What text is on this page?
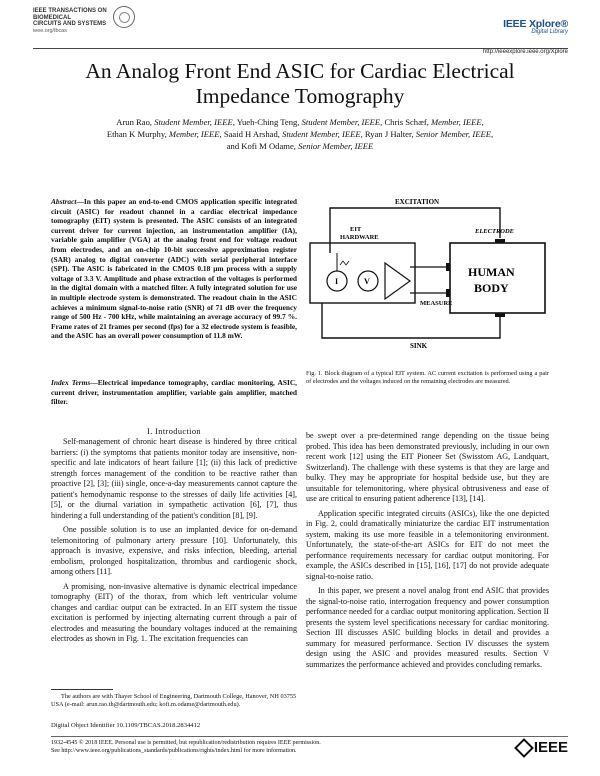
IEEE TRANSACTIONS ON
BIOMEDICAL
CIRCUITS AND SYSTEMS
ieee.org/tbcas
IEEE Xplore®
Digital Library
http://ieeexplore.ieee.org/Xplore
An Analog Front End ASIC for Cardiac Electrical
Impedance Tomography
Arun Rao, Student Member, IEEE, Yueh-Ching Teng, Student Member, IEEE, Chris Schæf, Member, IEEE,
Ethan K Murphy, Member, IEEE, Saaid H Arshad, Student Member, IEEE, Ryan J Halter, Senior Member, IEEE,
and Kofi M Odame, Senior Member, IEEE
Abstract—In this paper an end-to-end CMOS application specific integrated circuit (ASIC) for readout channel in a cardiac electrical impedance tomography (EIT) system is presented. The ASIC consists of an integrated current driver for current injection, an instrumentation amplifier (IA), variable gain amplifier (VGA) at the analog front end for voltage readout from electrodes, and an on-chip 10-bit successive approximation register (SAR) analog to digital converter (ADC) with serial peripheral interface (SPI). The ASIC is fabricated in the CMOS 0.18 μm process with a supply voltage of 3.3 V. Amplitude and phase extraction of the voltages is performed in the digital domain with a matched filter. A fully integrated solution for use in multiple electrode system is demonstrated. The readout chain in the ASIC achieves a minimum signal-to-noise ratio (SNR) of 71 dB over the frequency range of 500 Hz - 700 kHz, while maintaining an average accuracy of 99.7 %. Frame rates of 21 frames per second (fps) for a 32 electrode system is feasible, and the ASIC has an overall power consumption of 11.8 mW.
Index Terms—Electrical impedance tomography, cardiac monitoring, ASIC, current driver, instrumentation amplifier, variable gain amplifier, matched filter.
I. Introduction

Self-management of chronic heart disease is hindered by three critical barriers: (i) the symptoms that patients monitor today are insensitive, non-specific and late indicators of heart failure [1]; (ii) this lack of predictive strength forces management of the condition to be reactive rather than proactive [2], [3]; (iii) single, once-a-day measurements cannot capture the patient's hemodynamic response to the stresses of daily life activities [4], [5], or the diurnal variation in sympathetic activation [6], [7], thus hindering a full understanding of the patient's condition [8], [9].

One possible solution is to use an implanted device for on-demand telemonitoring of pulmonary artery pressure [10]. Unfortunately, this approach is invasive, expensive, and risks infection, bleeding, arterial embolism, prolonged hospitalization, thrombus and cardiogenic shock, among others [11].

A promising, non-invasive alternative is dynamic electrical impedance tomography (EIT) of the thorax, from which left ventricular volume changes and cardiac output can be extracted. In an EIT system the tissue excitation is performed by injecting alternating current through a pair of electrodes and measuring the boundary voltages induced at the remaining electrodes as shown in Fig. 1. The excitation frequencies can

The authors are with Thayer School of Engineering, Dartmouth College, Hanover, NH 03755 USA (e-mail: arun.rao.th@dartmouth.edu; kofi.m.odame@dartmouth.edu).
Digital Object Identifier 10.1109/TBCAS.2018.2834412
EXCITATION
EIT
HARDWARE
I	V
HUMAN
BODY
ELECTRODE
MEASURE
SINK
Fig. 1. Block diagram of a typical EIT system. AC current excitation is performed using a pair of electrodes and the voltages induced on the remaining electrodes are measured.

be swept over a pre-determined range depending on the tissue being probed. This idea has been demonstrated previously, including in our own recent work [12] using the EIT Pioneer Set (Swisstom AG, Landquart, Switzerland). The challenge with these systems is that they are large and bulky. They may be appropriate for hospital bedside use, but they are unsuitable for telemonitoring, where physical obtrusiveness and ease of use are critical to ensuring patient adherence [13], [14].

Application specific integrated circuits (ASICs), like the one depicted in Fig. 2, could dramatically miniaturize the cardiac EIT instrumentation system, making its use more feasible in a telemonitoring environment. Unfortunately, the state-of-the-art ASICs for EIT do not meet the performance requirements necessary for cardiac output monitoring. For example, the ASICs described in [15], [16], [17] do not provide adequate signal-to-noise ratio.

In this paper, we present a novel analog front end ASIC that provides the signal-to-noise ratio, interrogation frequency and power consumption performance needed for a cardiac output monitoring application. Section II presents the system level specifications necessary for cardiac monitoring. Section III discusses ASIC building blocks in detail and provides a summary for measured performance. Section IV discusses the system design using the ASIC and provides measured results. Section V summarizes the performance achieved and provides concluding remarks.

1932-4545 © 2018 IEEE. Personal use is permitted, but republication/redistribution requires IEEE permission.
See http://www.ieee.org/publications_standards/publications/rights/index.html for more information.	IEEE
